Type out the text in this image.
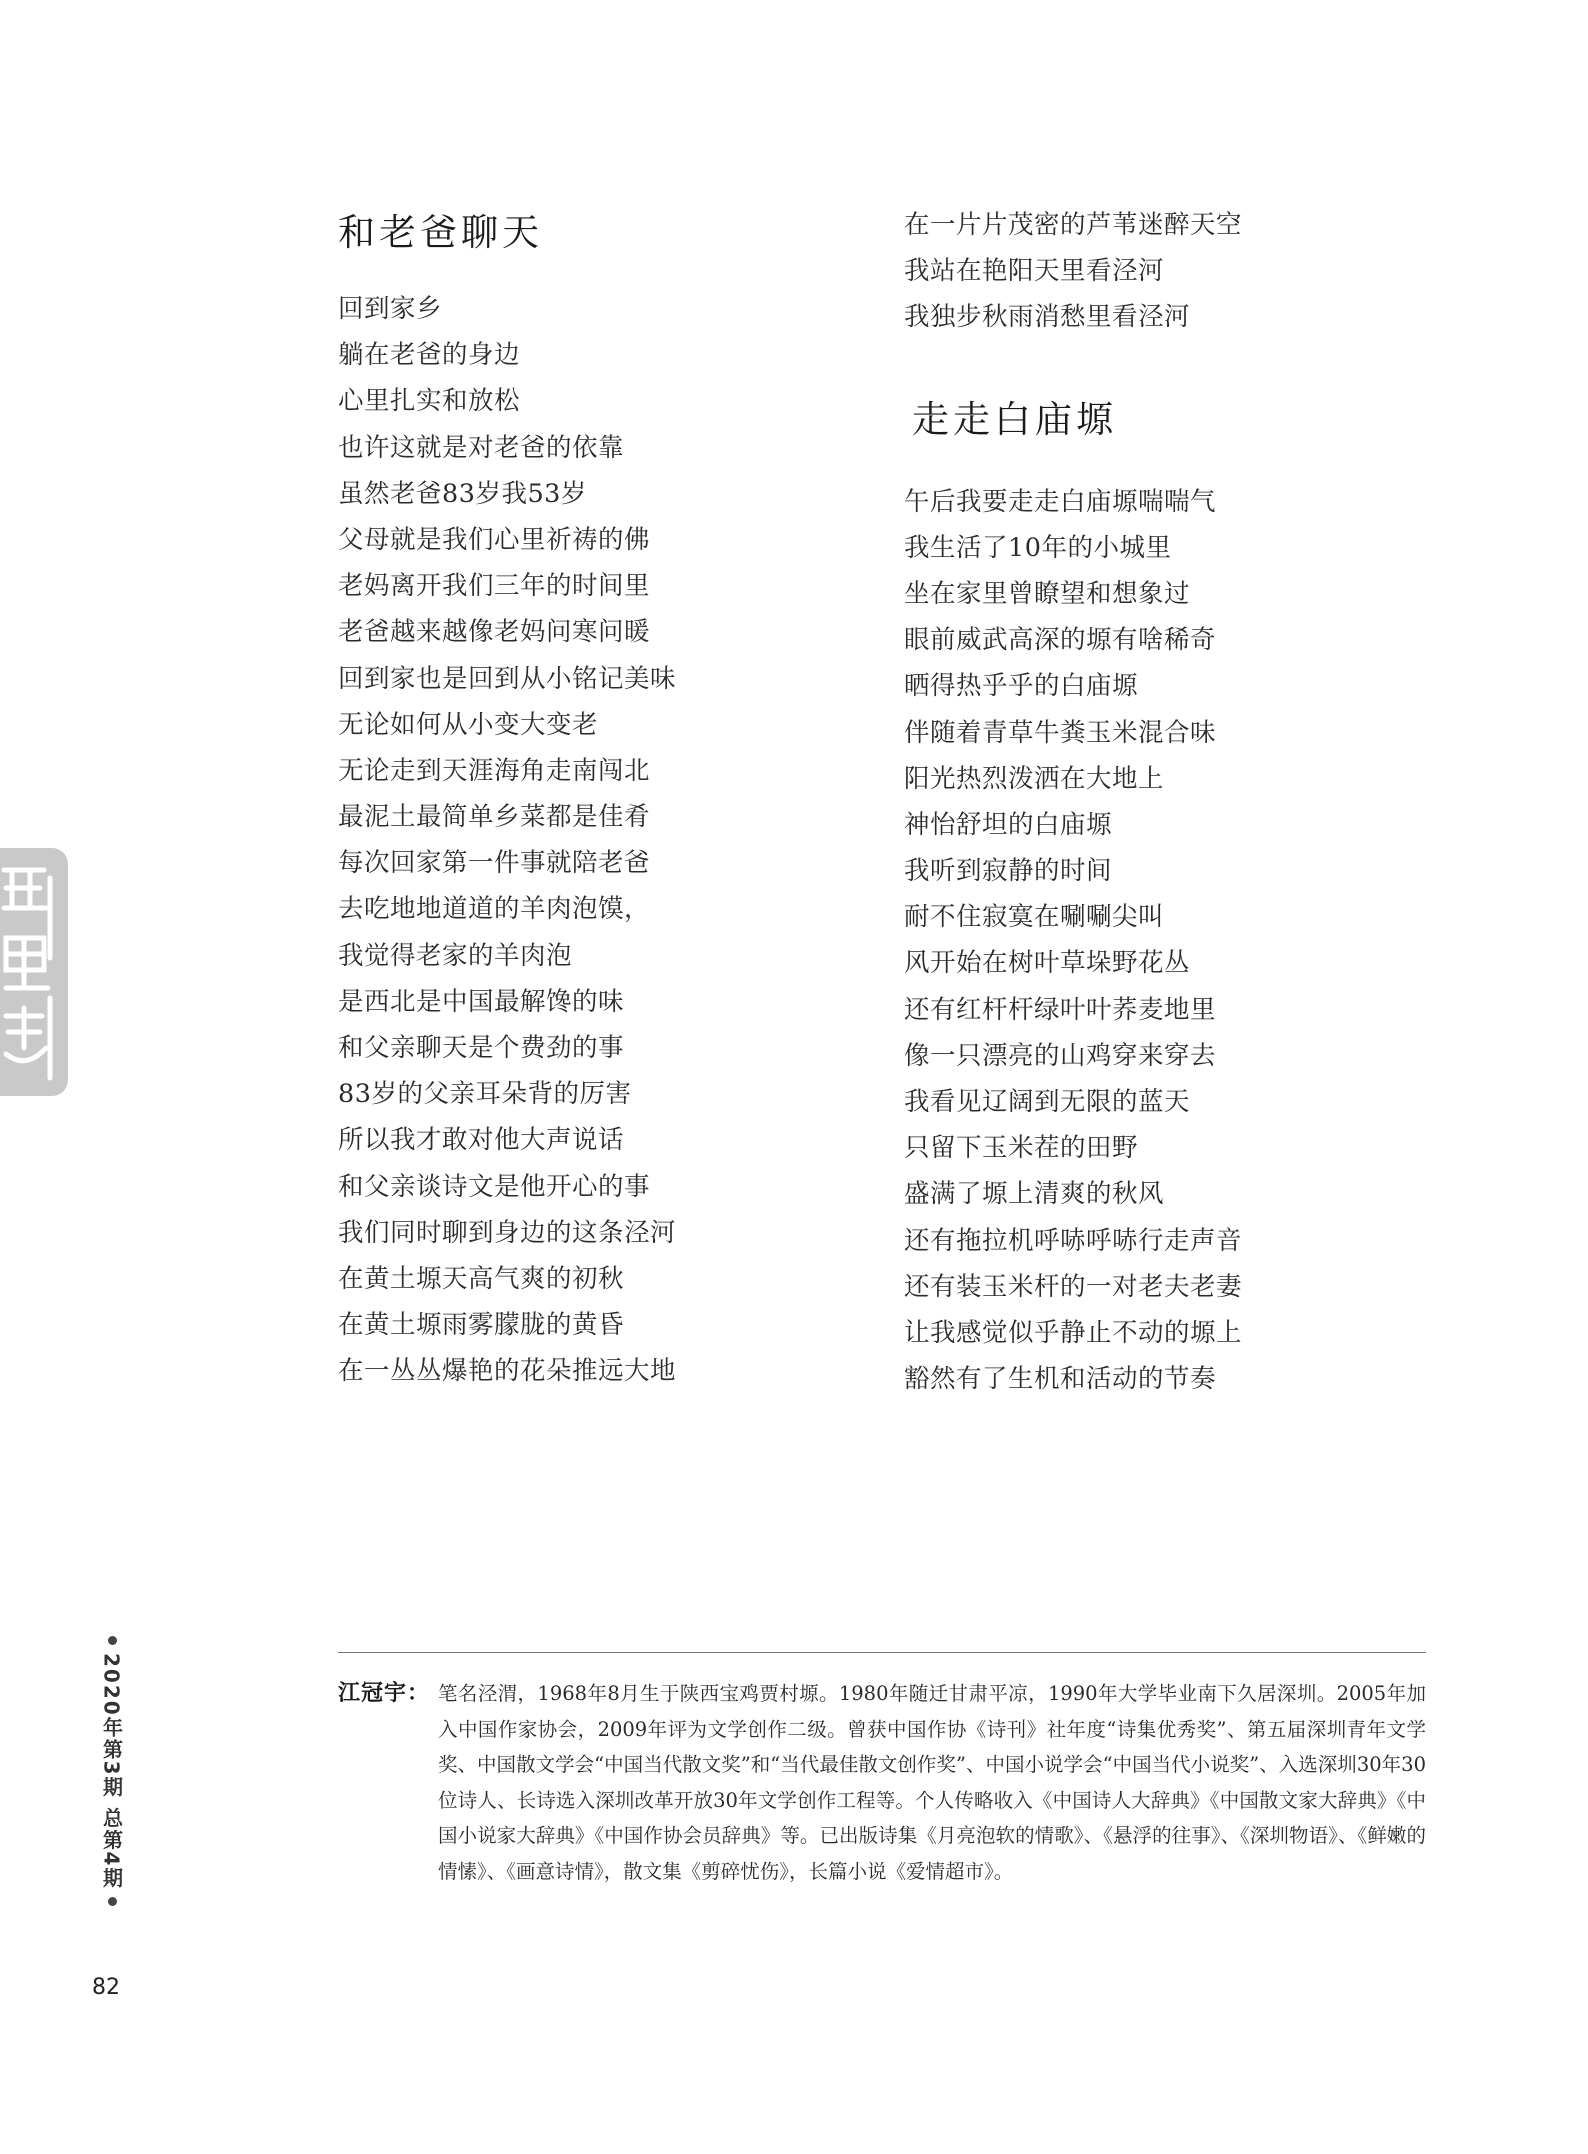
和老爸聊天
回到家乡
躺在老爸的身边
心里扎实和放松
也许这就是对老爸的依靠
虽然老爸83岁我53岁
父母就是我们心里祈祷的佛
老妈离开我们三年的时间里
老爸越来越像老妈问寒问暖
回到家也是回到从小铭记美味
无论如何从小变大变老
无论走到天涯海角走南闯北
最泥土最简单乡菜都是佳肴
每次回家第一件事就陪老爸
去吃地地道道的羊肉泡馍，
我觉得老家的羊肉泡
是西北是中国最解馋的味
和父亲聊天是个费劲的事
83岁的父亲耳朵背的厉害
所以我才敢对他大声说话
和父亲谈诗文是他开心的事
我们同时聊到身边的这条泾河
在黄土塬天高气爽的初秋
在黄土塬雨雾朦胧的黄昏
在一丛丛爆艳的花朵推远大地
在一片片茂密的芦苇迷醉天空
我站在艳阳天里看泾河
我独步秋雨消愁里看泾河
走走白庙塬
午后我要走走白庙塬喘喘气
我生活了10年的小城里
坐在家里曾瞭望和想象过
眼前威武高深的塬有啥稀奇
晒得热乎乎的白庙塬
伴随着青草牛粪玉米混合味
阳光热烈泼洒在大地上
神怡舒坦的白庙塬
我听到寂静的时间
耐不住寂寞在唰唰尖叫
风开始在树叶草垛野花丛
还有红杆杆绿叶叶荞麦地里
像一只漂亮的山鸡穿来穿去
我看见辽阔到无限的蓝天
只留下玉米茬的田野
盛满了塬上清爽的秋风
还有拖拉机呼哧呼哧行走声音
还有装玉米杆的一对老夫老妻
让我感觉似乎静止不动的塬上
豁然有了生机和活动的节奏
2020年第3期 总第4期
82
江冠宇： 笔名泾渭，1968年8月生于陕西宝鸡贾村塬。1980年随迁甘肃平凉，1990年大学毕业南下久居深圳。2005年加入中国作家协会，2009年评为文学创作二级。曾获中国作协《诗刊》社年度“诗集优秀奖”、第五届深圳青年文学奖、中国散文学会“中国当代散文奖”和“当代最佳散文创作奖”、中国小说学会“中国当代小说奖”、入选深圳30年30位诗人、长诗选入深圳改革开放30年文学创作工程等。个人传略收入《中国诗人大辞典》《中国散文家大辞典》《中国小说家大辞典》《中国作协会员辞典》等。已出版诗集《月亮泡软的情歌》、《悬浮的往事》、《深圳物语》、《鲜嫩的情愫》、《画意诗情》，散文集《剪碎忧伤》，长篇小说《爱情超市》。
